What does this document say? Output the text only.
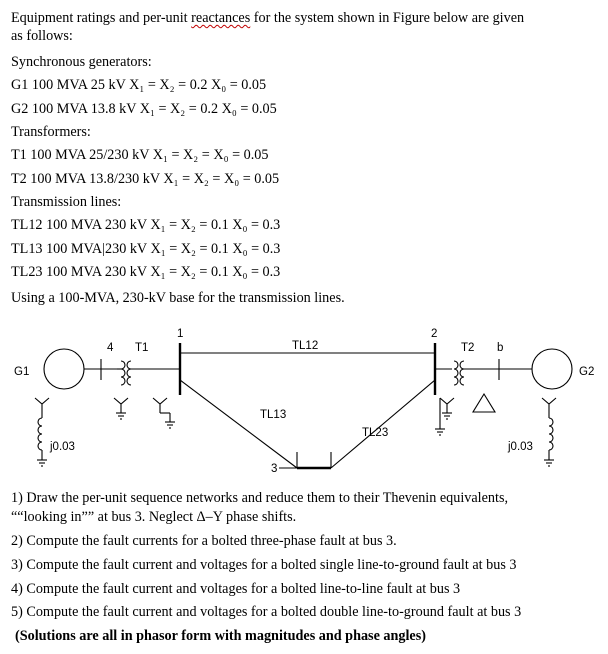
Equipment ratings and per-unit reactances for the system shown in Figure below are given
as follows:
Synchronous generators:
G1 100 MVA 25 kV X₁ = X₂ = 0.2 X₀ = 0.05
G2 100 MVA 13.8 kV X₁ = X₂ = 0.2 X₀ = 0.05
Transformers:
T1 100 MVA 25/230 kV X₁ = X₂ = X₀ = 0.05
T2 100 MVA 13.8/230 kV X₁ = X₂ = X₀ = 0.05
Transmission lines:
TL12 100 MVA 230 kV X₁ = X₂ = 0.1 X₀ = 0.3
TL13 100 MVA|230 kV X₁ = X₂ = 0.1 X₀ = 0.3
TL23 100 MVA 230 kV X₁ = X₂ = 0.1 X₀ = 0.3
Using a 100-MVA, 230-kV base for the transmission lines.
G1
4 T1
1
TL12
3
TL13
TL23
2
T2 b
G2
j0.03	j0.03
1) Draw the per-unit sequence networks and reduce them to their Thevenin equivalents,
““looking in”” at bus 3. Neglect Δ–Y phase shifts.
2) Compute the fault currents for a bolted three-phase fault at bus 3.
3) Compute the fault current and voltages for a bolted single line-to-ground fault at bus 3
4) Compute the fault current and voltages for a bolted line-to-line fault at bus 3
5) Compute the fault current and voltages for a bolted double line-to-ground fault at bus 3
(Solutions are all in phasor form with magnitudes and phase angles)
